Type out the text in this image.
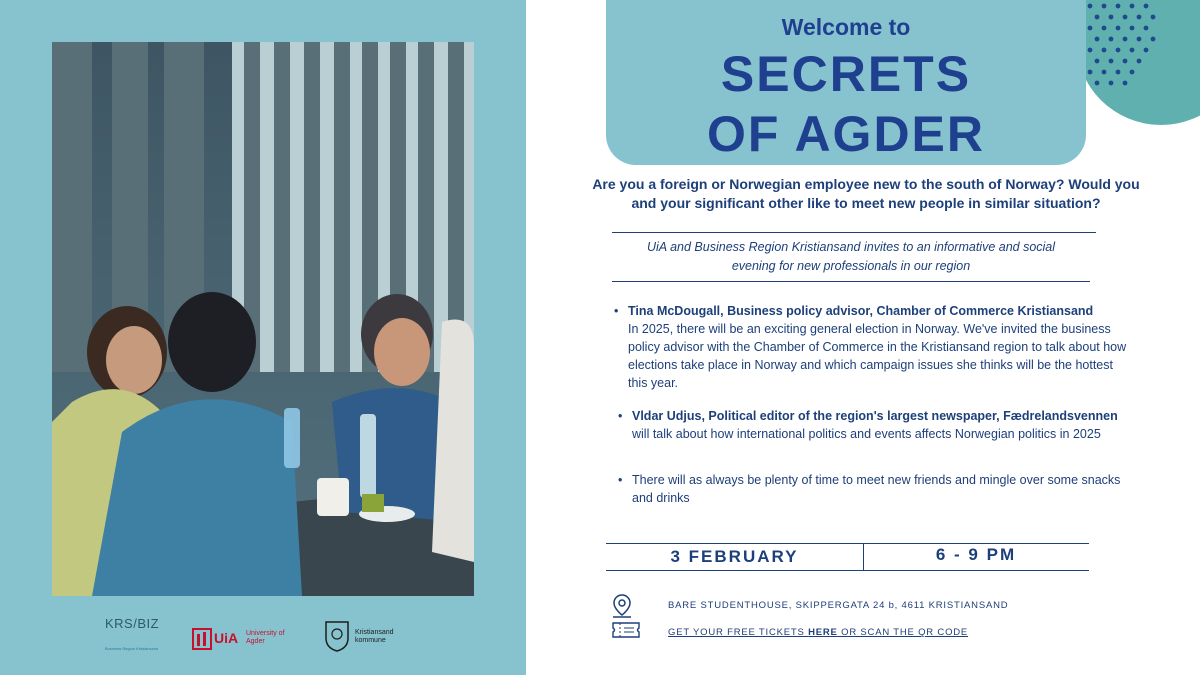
KRS/BIZ
Business Region Kristiansand
UiA University of Agder
Kristiansand kommune
Welcome to
SECRETS
OF AGDER
Are you a foreign or Norwegian employee new to the south of Norway? Would you and your significant other like to meet new people in similar situation?
UiA and Business Region Kristiansand invites to an informative and social
evening for new professionals in our region
• Tina McDougall, Business policy advisor, Chamber of Commerce Kristiansand
In 2025, there will be an exciting general election in Norway. We've invited the business policy advisor with the Chamber of Commerce in the Kristiansand region to talk about how elections take place in Norway and which campaign issues she thinks will be the hottest this year.
• Vldar Udjus, Political editor of the region's largest newspaper, Fædrelandsvennen
will talk about how international politics and events affects Norwegian politics in 2025
• There will as always be plenty of time to meet new friends and mingle over some snacks and drinks
3 FEBRUARY	6 - 9 PM
BARE STUDENTHOUSE, SKIPPERGATA 24 b, 4611 KRISTIANSAND
GET YOUR FREE TICKETS HERE OR SCAN THE QR CODE
